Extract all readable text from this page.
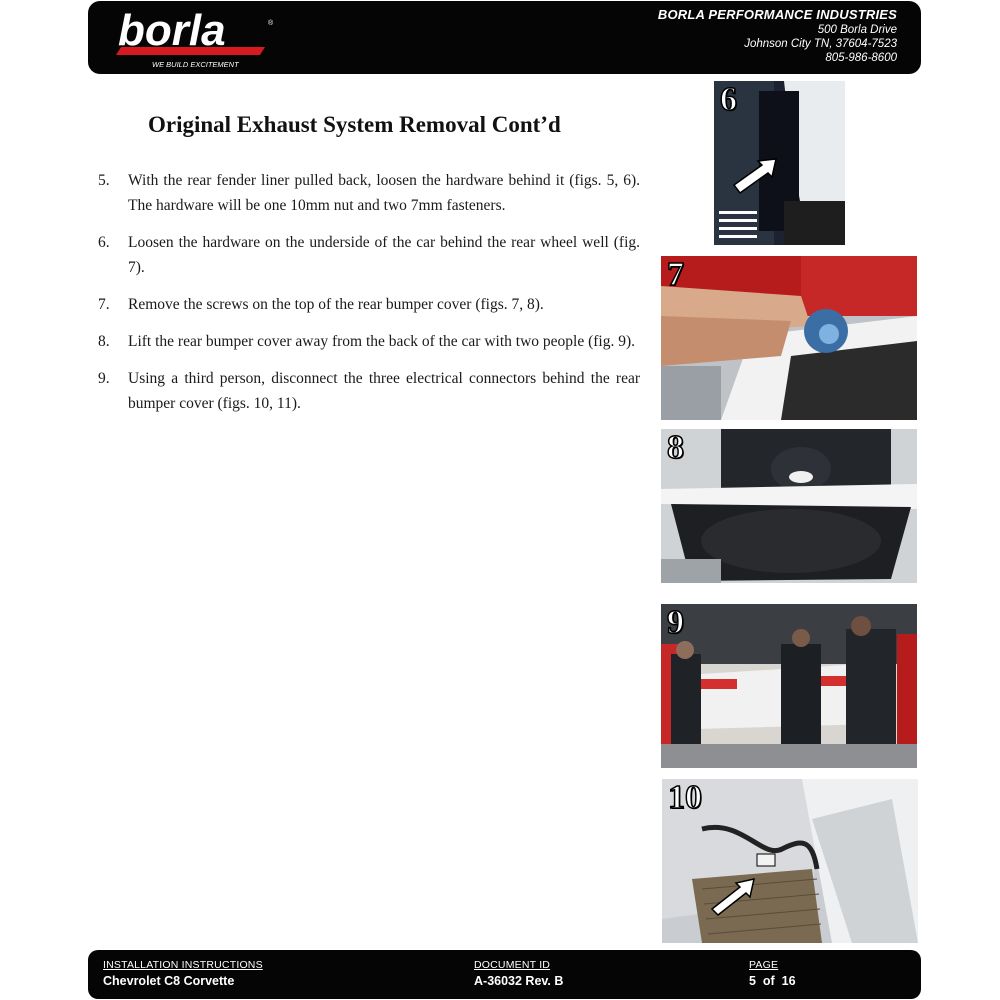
borla	®
WE BUILD EXCITEMENT
BORLA PERFORMANCE INDUSTRIES
500 Borla Drive
Johnson City TN, 37604-7523
805-986-8600
Original Exhaust System Removal Cont’d
5. With the rear fender liner pulled back, loosen the hardware behind it (figs. 5, 6). The hardware will be one 10mm nut and two 7mm fasteners.
6. Loosen the hardware on the underside of the car behind the rear wheel well (fig. 7).
7. Remove the screws on the top of the rear bumper cover (figs. 7, 8).
8. Lift the rear bumper cover away from the back of the car with two people (fig. 9).
9. Using a third person, disconnect the three electrical connectors behind the rear bumper cover (figs. 10, 11).
6
7
8
9
10
INSTALLATION INSTRUCTIONS
Chevrolet C8 Corvette
DOCUMENT ID
A-36032 Rev. B
PAGE
5  of  16
